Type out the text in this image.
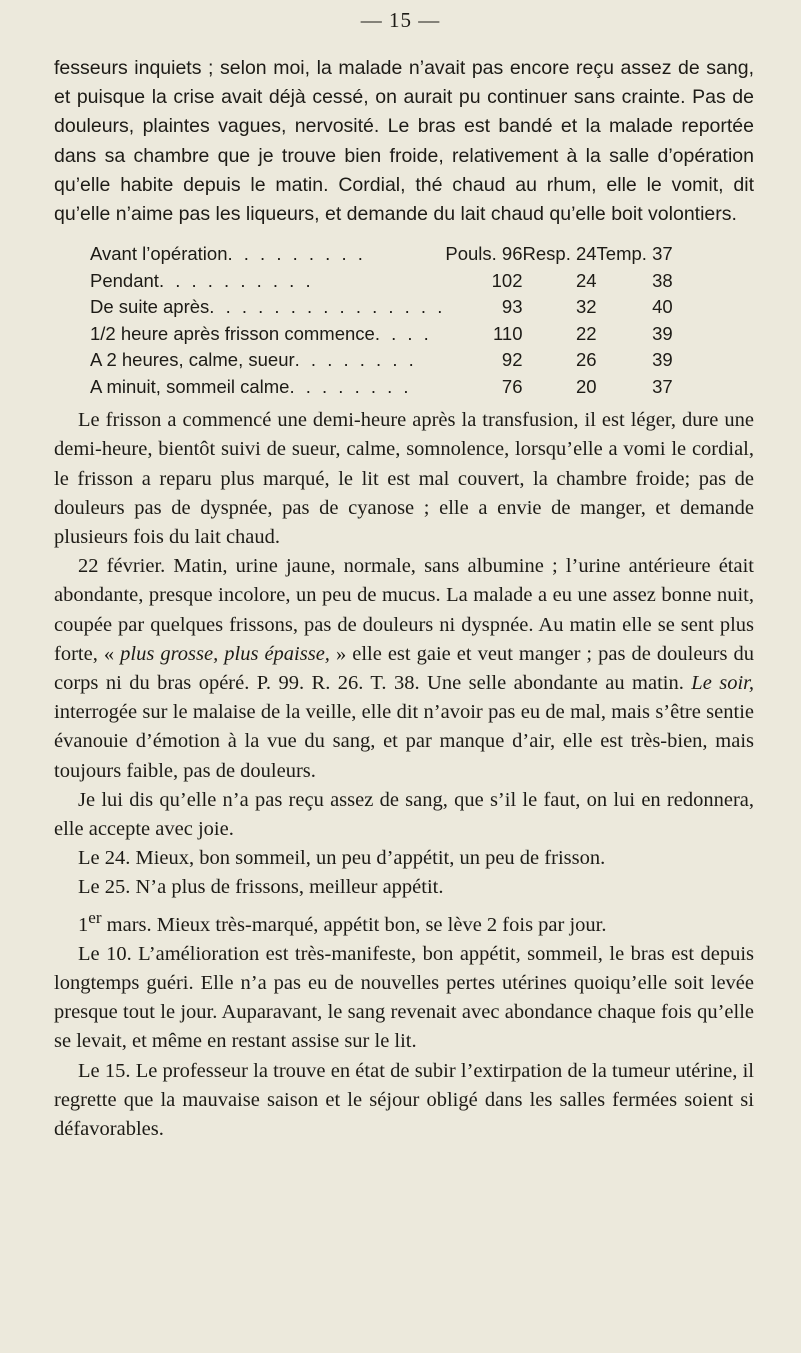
— 15 —

fesseurs inquiets ; selon moi, la malade n’avait pas encore reçu assez de sang, et puisque la crise avait déjà cessé, on aurait pu continuer sans crainte. Pas de douleurs, plaintes vagues, nervosité. Le bras est bandé et la malade reportée dans sa chambre que je trouve bien froide, relativement à la salle d’opération qu’elle habite depuis le matin. Cordial, thé chaud au rhum, elle le vomit, dit qu’elle n’aime pas les liqueurs, et demande du lait chaud qu’elle boit volontiers.

Avant l’opération. . . . . . . . .	Pouls. 96	Resp. 24	Temp. 37
Pendant. . . . . . . . . .	102	24	38
De suite après. . . . . . . . . . . . . . .	93	32	40
1/2 heure après frisson commence. . . .	110	22	39
A 2 heures, calme, sueur. . . . . . . .	92	26	39
A minuit, sommeil calme. . . . . . . .	76	20	37

Le frisson a commencé une demi-heure après la transfusion, il est léger, dure une demi-heure, bientôt suivi de sueur, calme, somnolence, lorsqu’elle a vomi le cordial, le frisson a reparu plus marqué, le lit est mal couvert, la chambre froide; pas de douleurs pas de dyspnée, pas de cyanose ; elle a envie de manger, et demande plusieurs fois du lait chaud.

22 février. Matin, urine jaune, normale, sans albumine ; l’urine antérieure était abondante, presque incolore, un peu de mucus. La malade a eu une assez bonne nuit, coupée par quelques frissons, pas de douleurs ni dyspnée. Au matin elle se sent plus forte, « plus grosse, plus épaisse, » elle est gaie et veut manger ; pas de douleurs du corps ni du bras opéré. P. 99. R. 26. T. 38. Une selle abondante au matin. Le soir, interrogée sur le malaise de la veille, elle dit n’avoir pas eu de mal, mais s’être sentie évanouie d’émotion à la vue du sang, et par manque d’air, elle est très-bien, mais toujours faible, pas de douleurs.

Je lui dis qu’elle n’a pas reçu assez de sang, que s’il le faut, on lui en redonnera, elle accepte avec joie.

Le 24. Mieux, bon sommeil, un peu d’appétit, un peu de frisson.

Le 25. N’a plus de frissons, meilleur appétit.

1er mars. Mieux très-marqué, appétit bon, se lève 2 fois par jour.

Le 10. L’amélioration est très-manifeste, bon appétit, sommeil, le bras est depuis longtemps guéri. Elle n’a pas eu de nouvelles pertes utérines quoiqu’elle soit levée presque tout le jour. Auparavant, le sang revenait avec abondance chaque fois qu’elle se levait, et même en restant assise sur le lit.

Le 15. Le professeur la trouve en état de subir l’extirpation de la tumeur utérine, il regrette que la mauvaise saison et le séjour obligé dans les salles fermées soient si défavorables.
